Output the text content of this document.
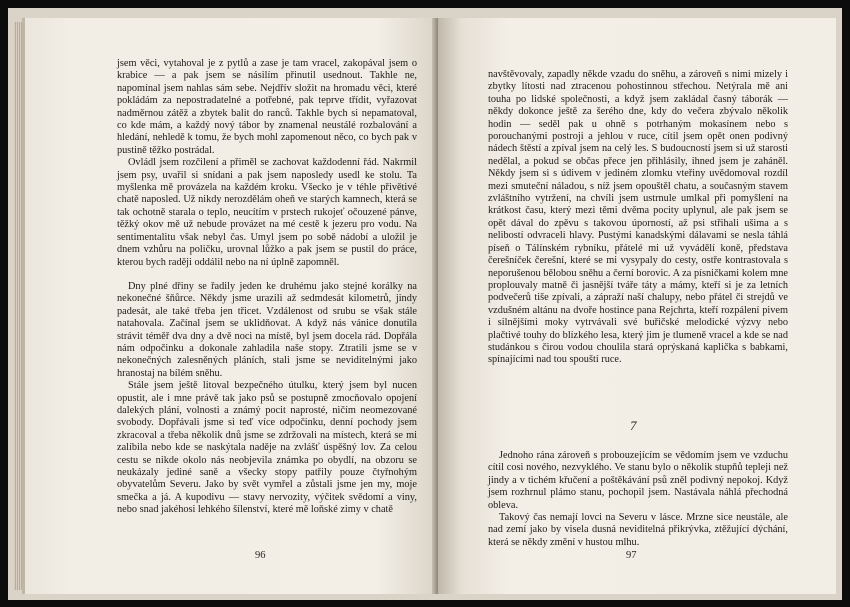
jsem věci, vytahoval je z pytlů a zase je tam vracel, zakopával jsem o krabice — a pak jsem se násilím přinutil usednout. Takhle ne, napomínal jsem nahlas sám sebe. Nejdřív složit na hromadu věci, které pokládám za nepostradatelné a potřebné, pak teprve třídit, vyřazovat nadměrnou zátěž a zbytek balit do ranců. Takhle bych si nepamatoval, co kde mám, a každý nový tábor by znamenal neustálé rozbalování a hledání, nehledě k tomu, že bych mohl zapomenout něco, co bych pak v pustině těžko postrádal.

Ovládl jsem rozčilení a přiměl se zachovat každodenní řád. Nakrmil jsem psy, uvařil si snídani a pak jsem naposledy usedl ke stolu. Ta myšlenka mě provázela na každém kroku. Všecko je v téhle přivětivé chatě naposled. Už nikdy nerozdělám oheň ve starých kamnech, která se tak ochotně starala o teplo, neucítím v prstech rukojeť očouzené pánve, těžký okov mě už nebude provázet na mé cestě k jezeru pro vodu. Na sentimentalitu však nebyl čas. Umyl jsem po sobě nádobí a uložil je dnem vzhůru na poličku, urovnal lůžko a pak jsem se pustil do práce, kterou bych raději oddálil nebo na ní úplně zapomněl.

Dny plné dřiny se řadily jeden ke druhému jako stejné korálky na nekonečné šňůrce. Někdy jsme urazili až sedmdesát kilometrů, jindy padesát, ale také třeba jen třicet. Vzdálenost od srubu se však stále natahovala. Začínal jsem se uklidňovat. A když nás vánice donutila strávit téměř dva dny a dvě noci na místě, byl jsem docela rád. Dopřála nám odpočinku a dokonale zahladila naše stopy. Ztratili jsme se v nekonečných zalesněných pláních, stali jsme se neviditelnými jako hranostaj na bílém sněhu.

Stále jsem ještě litoval bezpečného útulku, který jsem byl nucen opustit, ale i mne právě tak jako psů se postupně zmocňovalo opojení dalekých plání, volnosti a známý pocit naprosté, ničím neomezované svobody. Dopřávali jsme si teď více odpočinku, denní pochody jsem zkracoval a třeba několik dnů jsme se zdržovali na místech, která se mi zalíbila nebo kde se naskýtala naděje na zvlášť úspěšný lov. Za celou cestu se nikde okolo nás neobjevila známka po obydlí, na obzoru se neukázaly jediné saně a všecky stopy patřily pouze čtyřnohým obyvatelům Severu. Jako by svět vymřel a zůstali jsme jen my, moje smečka a já. A kupodivu — stavy nervozity, výčitek svědomí a viny, nebo snad jakéhosi lehkého šílenství, které mě loňské zimy v chatě

96

navštěvovaly, zapadly někde vzadu do sněhu, a zároveň s nimi mizely i zbytky lítosti nad ztracenou pohostinnou střechou. Netýrala mě ani touha po lidské společnosti, a když jsem zakládal časný táborák — někdy dokonce ještě za šerého dne, kdy do večera zbývalo několik hodin — seděl pak u ohně s potrhaným mokasínem nebo s porouchanými postroji a jehlou v ruce, cítil jsem opět onen podivný nádech štěstí a zpíval jsem na celý les. S budoucností jsem si už starosti nedělal, a pokud se občas přece jen přihlásily, ihned jsem je zaháněl. Někdy jsem si s údivem v jediném zlomku vteřiny uvědomoval rozdíl mezi smuteční náladou, s níž jsem opouštěl chatu, a současným stavem zvláštního vytržení, na chvíli jsem ustrnule umlkal při pomyšlení na krátkost času, který mezi těmi dvěma pocity uplynul, ale pak jsem se opět dával do zpěvu s takovou úporností, až psi střihali ušima a s nelibostí odvraceli hlavy. Pustými kanadskými dálavami se nesla táhlá píseň o Tálínském rybníku, přátelé mi už vyvádělí koně, představa čerešníček čerešní, které se mi vysypaly do cesty, ostře kontrastovala s neporušenou bělobou sněhu a černí borovic. A za písničkami kolem mne proplouvaly matně či jasnější tváře táty a mámy, kteří si je za letních podvečerů tiše zpívali, a zápraží naší chalupy, nebo přátel či strejdů ve vzdušném altánu na dvoře hostince pana Rejchrta, kteří rozpálení pivem i silnějšími moky vytrvávali své buřičské melodické výzvy nebo plačtivé touhy do blízkého lesa, který jim je tlumeně vracel a kde se nad studánkou s čirou vodou choulila stará oprýskaná kaplička s babkami, spínajícími nad tou spouští ruce.

7

Jednoho rána zároveň s probouzejícím se vědomím jsem ve vzduchu cítil cosi nového, nezvyklého. Ve stanu bylo o několik stupňů tepleji než jindy a v tichém křučení a poštěkávání psů zněl podivný nepokoj. Když jsem rozhrnul plámo stanu, pochopil jsem. Nastávala náhlá přechodná obleva.

Takový čas nemají lovci na Severu v lásce. Mrzne sice neustále, ale nad zemí jako by visela dusná neviditelná přikrývka, ztěžující dýchání, která se někdy změní v hustou mlhu.

97
